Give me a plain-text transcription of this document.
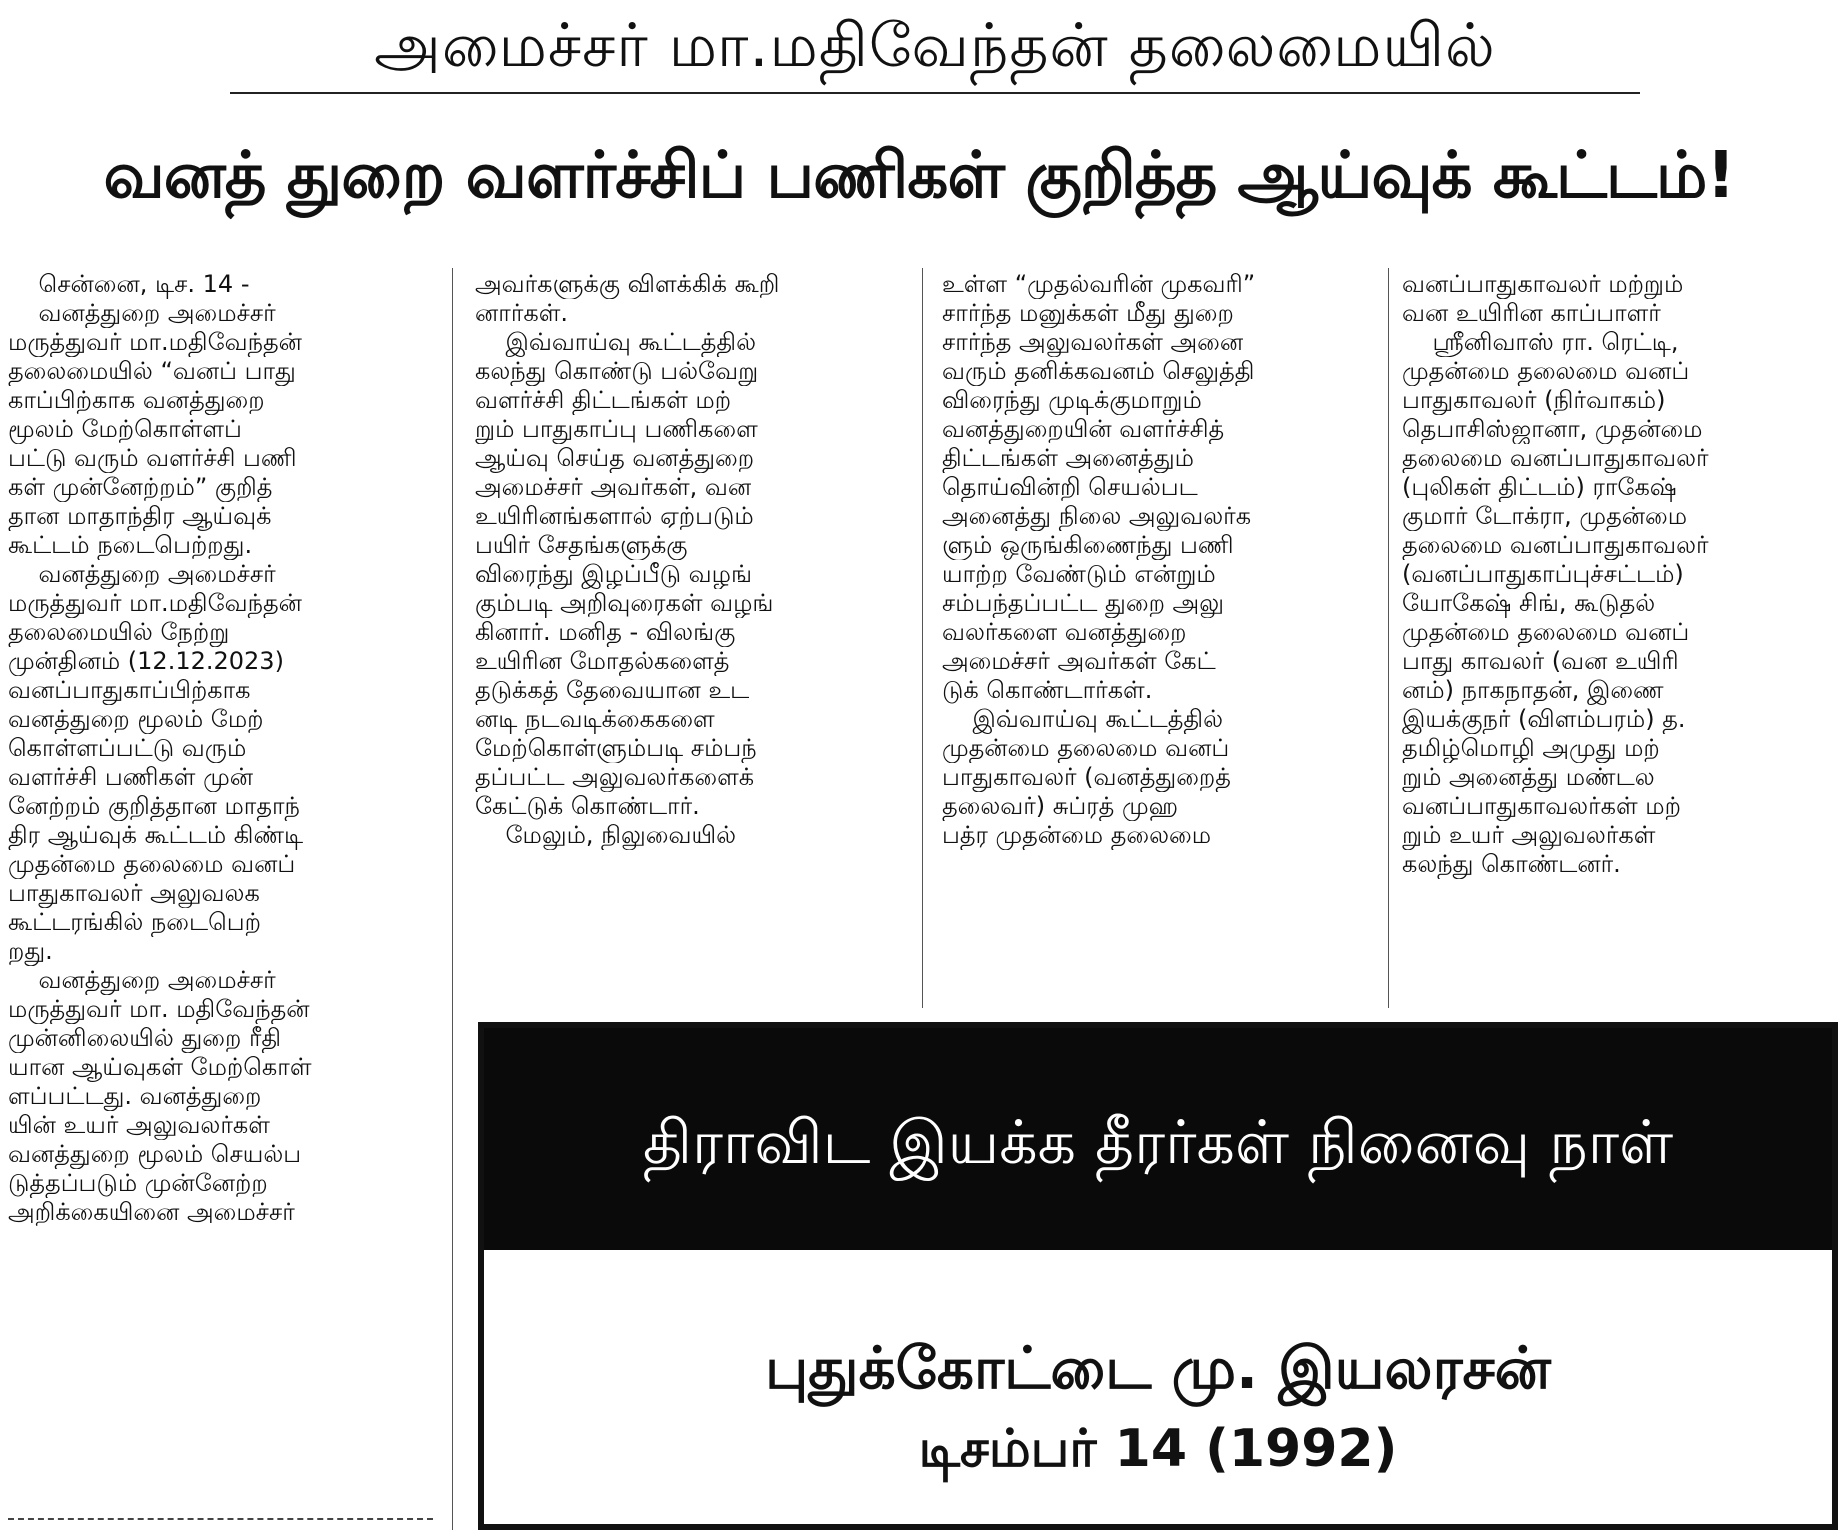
அமைச்சர் மா.மதிவேந்தன் தலைமையில்
வனத் துறை வளர்ச்சிப் பணிகள் குறித்த ஆய்வுக் கூட்டம்!

சென்னை, டிச. 14 -

வனத்துறை அமைச்சர்

மருத்துவர் மா.மதிவேந்தன்

தலைமையில் “வனப் பாது

காப்பிற்காக வனத்துறை

மூலம் மேற்கொள்ளப்

பட்டு வரும் வளர்ச்சி பணி

கள் முன்னேற்றம்” குறித்

தான மாதாந்திர ஆய்வுக்

கூட்டம் நடைபெற்றது.

வனத்துறை அமைச்சர்

மருத்துவர் மா.மதிவேந்தன்

தலைமையில் நேற்று

முன்தினம் (12.12.2023)

வனப்பாதுகாப்பிற்காக

வனத்துறை மூலம் மேற்

கொள்ளப்பட்டு வரும்

வளர்ச்சி பணிகள் முன்

னேற்றம் குறித்தான மாதாந்

திர ஆய்வுக் கூட்டம் கிண்டி

முதன்மை தலைமை வனப்

பாதுகாவலர் அலுவலக

கூட்டரங்கில் நடைபெற்

றது.

வனத்துறை அமைச்சர்

மருத்துவர் மா. மதிவேந்தன்

முன்னிலையில் துறை ரீதி

யான ஆய்வுகள் மேற்கொள்

ளப்பட்டது. வனத்துறை

யின் உயர் அலுவலர்கள்

வனத்துறை மூலம் செயல்ப

டுத்தப்படும் முன்னேற்ற

அறிக்கையினை அமைச்சர்

அவர்களுக்கு விளக்கிக் கூறி

னார்கள்.

இவ்வாய்வு கூட்டத்தில்

கலந்து கொண்டு பல்வேறு

வளர்ச்சி திட்டங்கள் மற்

றும் பாதுகாப்பு பணிகளை

ஆய்வு செய்த வனத்துறை

அமைச்சர் அவர்கள், வன

உயிரினங்களால் ஏற்படும்

பயிர் சேதங்களுக்கு

விரைந்து இழப்பீடு வழங்

கும்படி அறிவுரைகள் வழங்

கினார். மனித - விலங்கு

உயிரின மோதல்களைத்

தடுக்கத் தேவையான உட

னடி நடவடிக்கைகளை

மேற்கொள்ளும்படி சம்பந்

தப்பட்ட அலுவலர்களைக்

கேட்டுக் கொண்டார்.

மேலும், நிலுவையில்

உள்ள “முதல்வரின் முகவரி”

சார்ந்த மனுக்கள் மீது துறை

சார்ந்த அலுவலர்கள் அனை

வரும் தனிக்கவனம் செலுத்தி

விரைந்து முடிக்குமாறும்

வனத்துறையின் வளர்ச்சித்

திட்டங்கள் அனைத்தும்

தொய்வின்றி செயல்பட

அனைத்து நிலை அலுவலர்க

ளும் ஒருங்கிணைந்து பணி

யாற்ற வேண்டும் என்றும்

சம்பந்தப்பட்ட துறை அலு

வலர்களை வனத்துறை

அமைச்சர் அவர்கள் கேட்

டுக் கொண்டார்கள்.

இவ்வாய்வு கூட்டத்தில்

முதன்மை தலைமை வனப்

பாதுகாவலர் (வனத்துறைத்

தலைவர்) சுப்ரத் முஹ

பத்ர முதன்மை தலைமை

வனப்பாதுகாவலர் மற்றும்

வன உயிரின காப்பாளர்

ஸ்ரீனிவாஸ் ரா. ரெட்டி,

முதன்மை தலைமை வனப்

பாதுகாவலர் (நிர்வாகம்)

தெபாசிஸ்ஜானா, முதன்மை

தலைமை வனப்பாதுகாவலர்

(புலிகள் திட்டம்) ராகேஷ்

குமார் டோக்ரா, முதன்மை

தலைமை வனப்பாதுகாவலர்

(வனப்பாதுகாப்புச்சட்டம்)

யோகேஷ் சிங், கூடுதல்

முதன்மை தலைமை வனப்

பாது காவலர் (வன உயிரி

னம்) நாகநாதன், இணை

இயக்குநர் (விளம்பரம்) த.

தமிழ்மொழி அமுது மற்

றும் அனைத்து மண்டல

வனப்பாதுகாவலர்கள் மற்

றும் உயர் அலுவலர்கள்

கலந்து கொண்டனர்.

திராவிட இயக்க தீரர்கள் நினைவு நாள்
புதுக்கோட்டை மு. இயலரசன்
டிசம்பர் 14 (1992)
